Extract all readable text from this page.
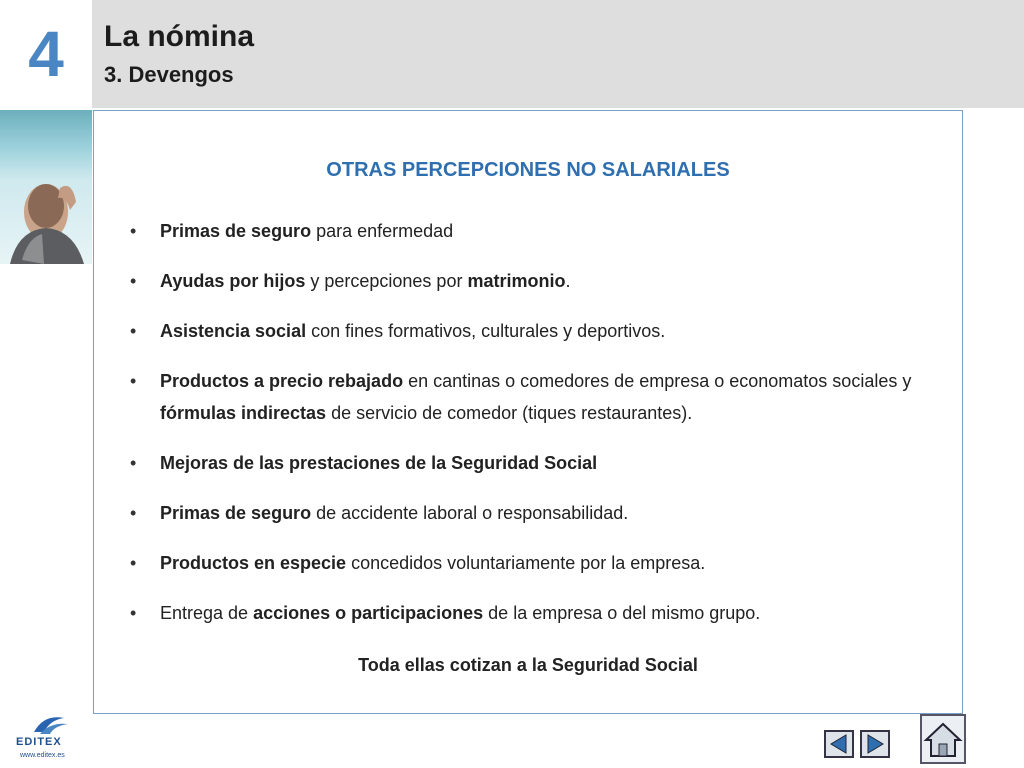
4	La nómina
3. Devengos
OTRAS PERCEPCIONES NO SALARIALES
• Primas de seguro para enfermedad
• Ayudas por hijos y percepciones por matrimonio.
• Asistencia social con fines formativos, culturales y deportivos.
• Productos a precio rebajado en cantinas o comedores de empresa o economatos sociales y fórmulas indirectas de servicio de comedor (tiques restaurantes).
• Mejoras de las prestaciones de la Seguridad Social
• Primas de seguro de accidente laboral o responsabilidad.
• Productos en especie concedidos voluntariamente por la empresa.
• Entrega de acciones o participaciones de la empresa o del mismo grupo.
Toda ellas cotizan a la Seguridad Social
EDITEX
www.editex.es
